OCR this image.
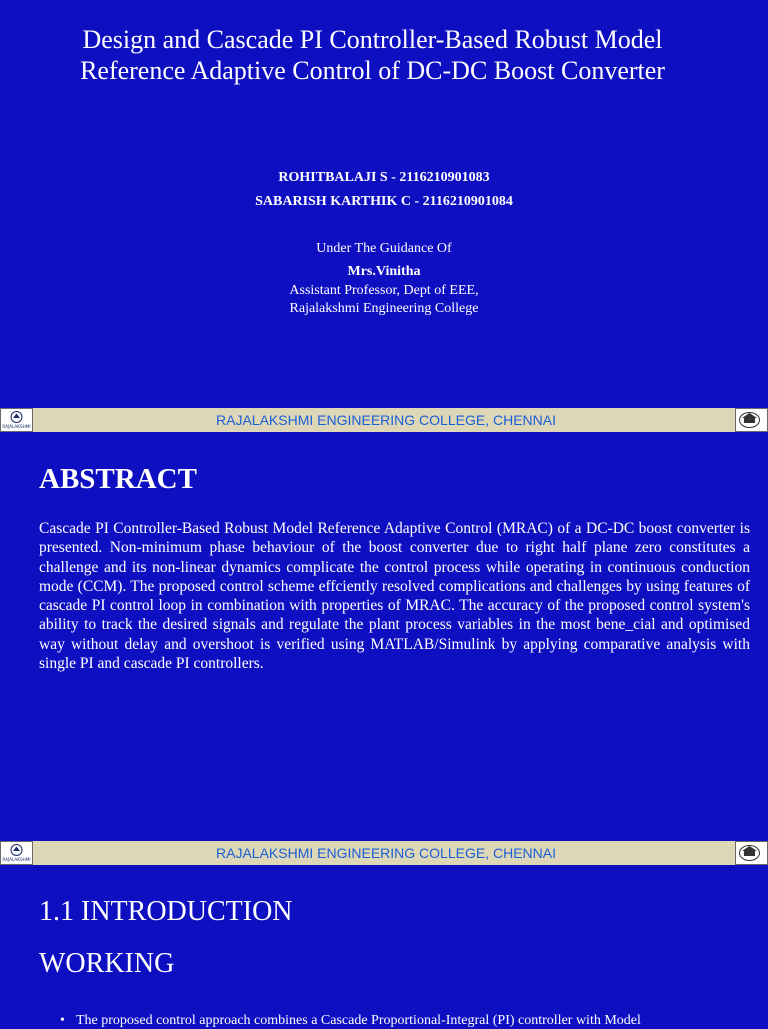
Design and Cascade PI Controller-Based Robust Model Reference Adaptive Control of DC-DC Boost Converter
ROHITBALAJI S - 2116210901083
SABARISH KARTHIK C - 2116210901084
Under The Guidance Of
Mrs.Vinitha
Assistant Professor, Dept of EEE,
Rajalakshmi Engineering College
RAJALAKSHMI	RAJALAKSHMI ENGINEERING COLLEGE, CHENNAI
ABSTRACT
Cascade PI Controller-Based Robust Model Reference Adaptive Control (MRAC) of a DC-DC boost converter is presented. Non-minimum phase behaviour of the boost converter due to right half plane zero constitutes a challenge and its non-linear dynamics complicate the control process while operating in continuous conduction mode (CCM). The proposed control scheme effciently resolved complications and challenges by using features of cascade PI control loop in combination with properties of MRAC. The accuracy of the proposed control system's ability to track the desired signals and regulate the plant process variables in the most bene_cial and optimised way without delay and overshoot is verified using MATLAB/Simulink by applying comparative analysis with single PI and cascade PI controllers.
RAJALAKSHMI	RAJALAKSHMI ENGINEERING COLLEGE, CHENNAI
1.1 INTRODUCTION
WORKING
• The proposed control approach combines a Cascade Proportional-Integral (PI) controller with Model
